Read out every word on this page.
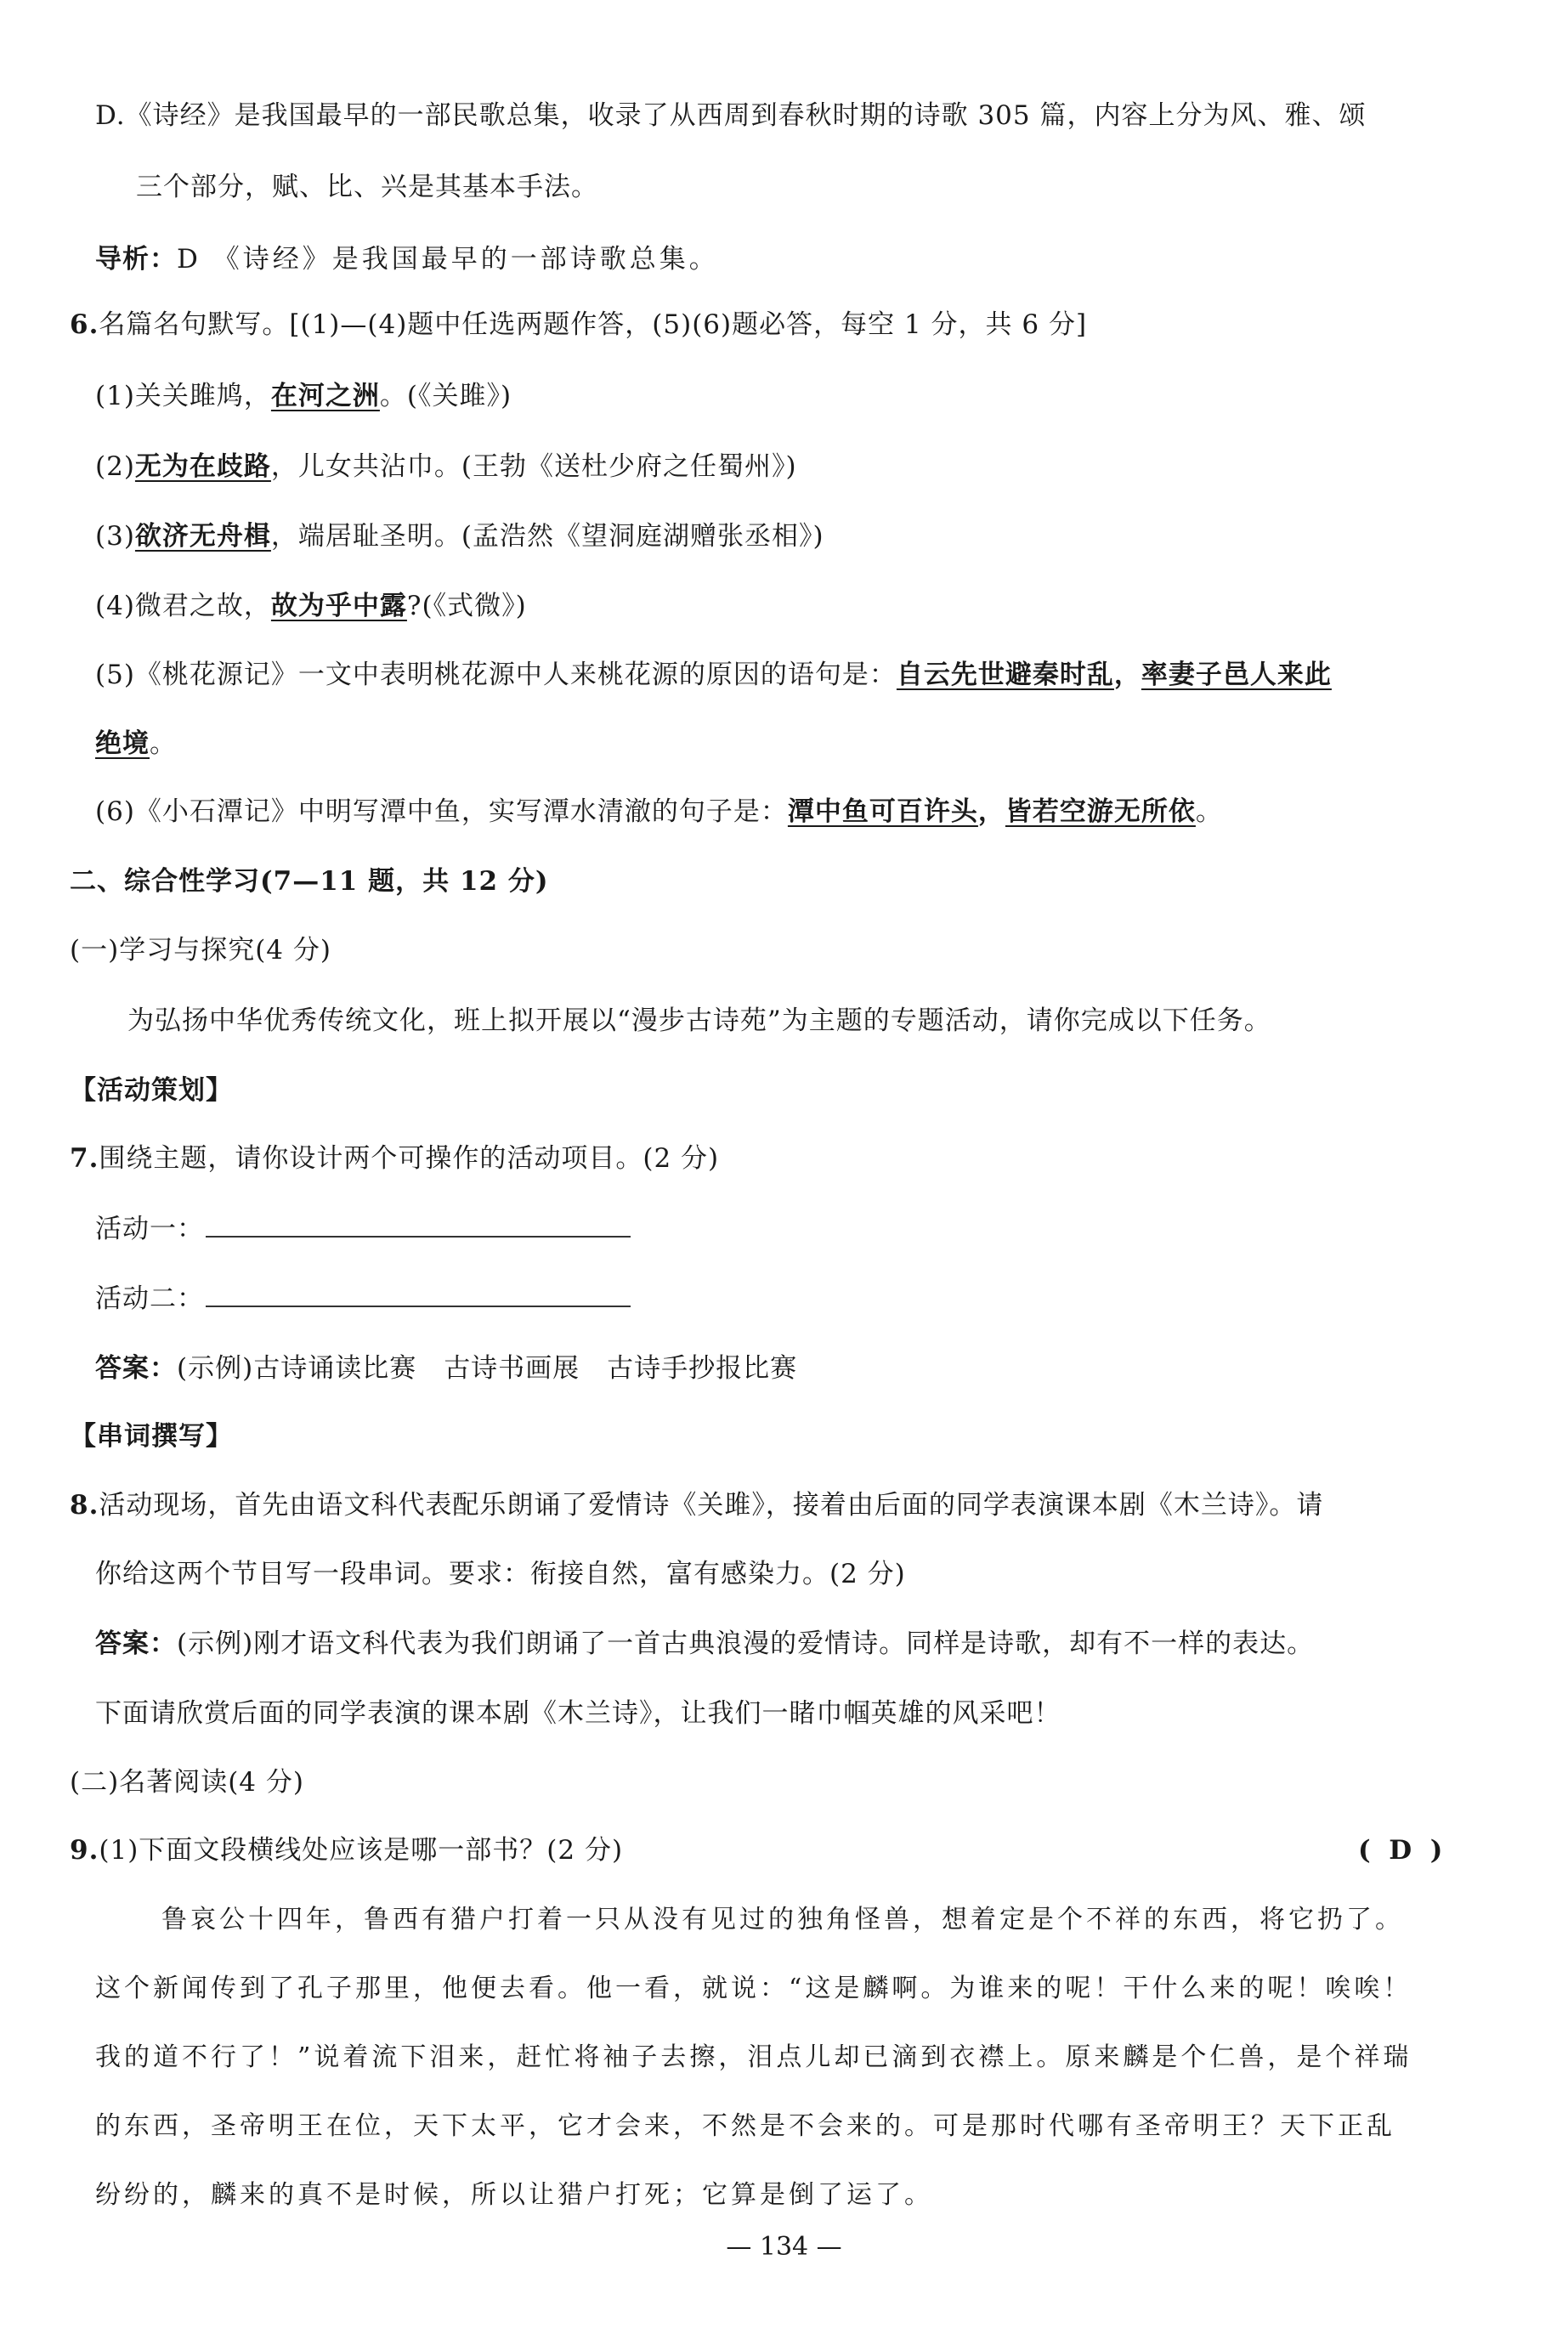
D.《诗经》是我国最早的一部民歌总集，收录了从西周到春秋时期的诗歌 305 篇，内容上分为风、雅、颂
三个部分，赋、比、兴是其基本手法。
导析：D 《诗经》是我国最早的一部诗歌总集。
6.名篇名句默写。[(1)—(4)题中任选两题作答，(5)(6)题必答，每空 1 分，共 6 分]
(1)关关雎鸠，在河之洲。(《关雎》)
(2)无为在歧路，儿女共沾巾。(王勃《送杜少府之任蜀州》)
(3)欲济无舟楫，端居耻圣明。(孟浩然《望洞庭湖赠张丞相》)
(4)微君之故，故为乎中露?(《式微》)
(5)《桃花源记》一文中表明桃花源中人来桃花源的原因的语句是：自云先世避秦时乱，率妻子邑人来此
绝境。
(6)《小石潭记》中明写潭中鱼，实写潭水清澈的句子是：潭中鱼可百许头，皆若空游无所依。
二、综合性学习(7—11 题，共 12 分)
(一)学习与探究(4 分)
为弘扬中华优秀传统文化，班上拟开展以“漫步古诗苑”为主题的专题活动，请你完成以下任务。
【活动策划】
7.围绕主题，请你设计两个可操作的活动项目。(2 分)
活动一：
活动二：
答案：(示例)古诗诵读比赛　古诗书画展　古诗手抄报比赛
【串词撰写】
8.活动现场，首先由语文科代表配乐朗诵了爱情诗《关雎》，接着由后面的同学表演课本剧《木兰诗》。请
你给这两个节目写一段串词。要求：衔接自然，富有感染力。(2 分)
答案：(示例)刚才语文科代表为我们朗诵了一首古典浪漫的爱情诗。同样是诗歌，却有不一样的表达。
下面请欣赏后面的同学表演的课本剧《木兰诗》，让我们一睹巾帼英雄的风采吧！
(二)名著阅读(4 分)
9.(1)下面文段横线处应该是哪一部书？(2 分)	( D )
鲁哀公十四年，鲁西有猎户打着一只从没有见过的独角怪兽，想着定是个不祥的东西，将它扔了。
这个新闻传到了孔子那里，他便去看。他一看，就说：“这是麟啊。为谁来的呢！干什么来的呢！唉唉！
我的道不行了！”说着流下泪来，赶忙将袖子去擦，泪点儿却已滴到衣襟上。原来麟是个仁兽，是个祥瑞
的东西，圣帝明王在位，天下太平，它才会来，不然是不会来的。可是那时代哪有圣帝明王？天下正乱
纷纷的，麟来的真不是时候，所以让猎户打死；它算是倒了运了。
— 134 —
